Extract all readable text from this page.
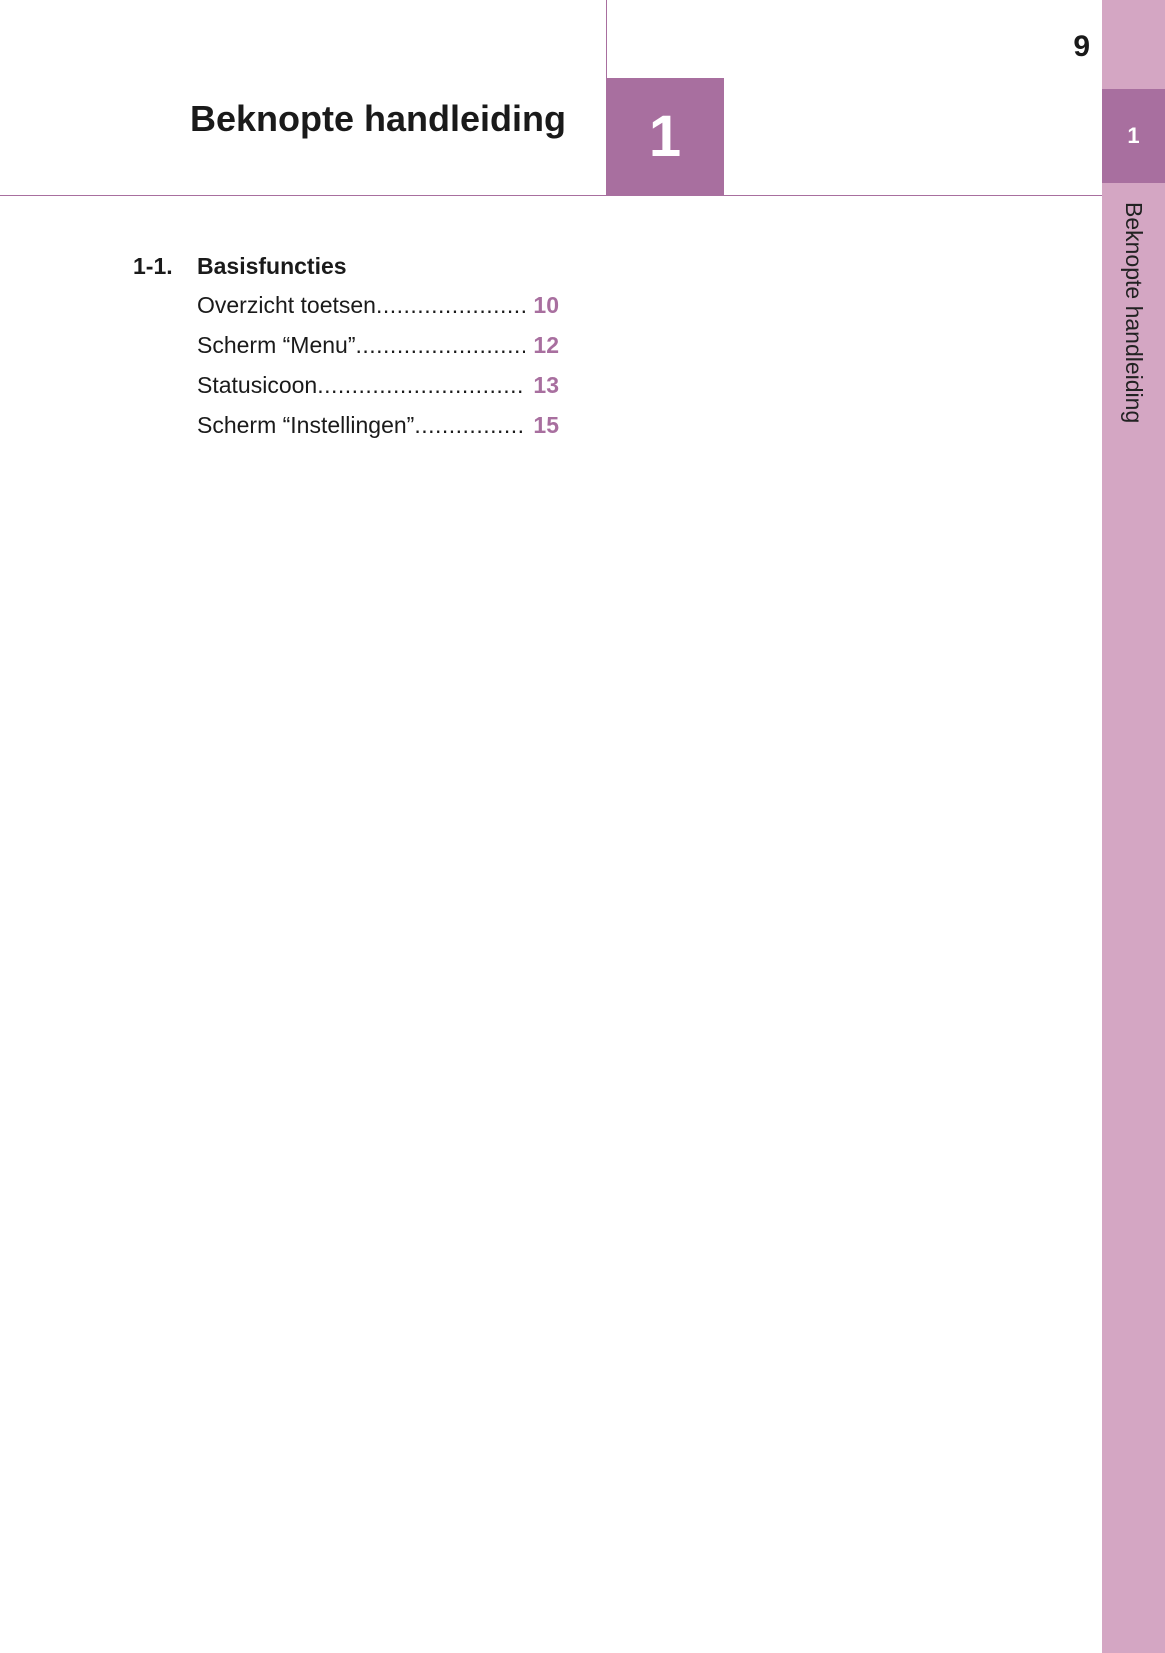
1
Beknopte handleiding
9
Beknopte handleiding	1
1-1. Basisfuncties
Overzicht toetsen .....	10
Scherm “Menu” .....	12
Statusicoon .....	13
Scherm “Instellingen” .....	15
